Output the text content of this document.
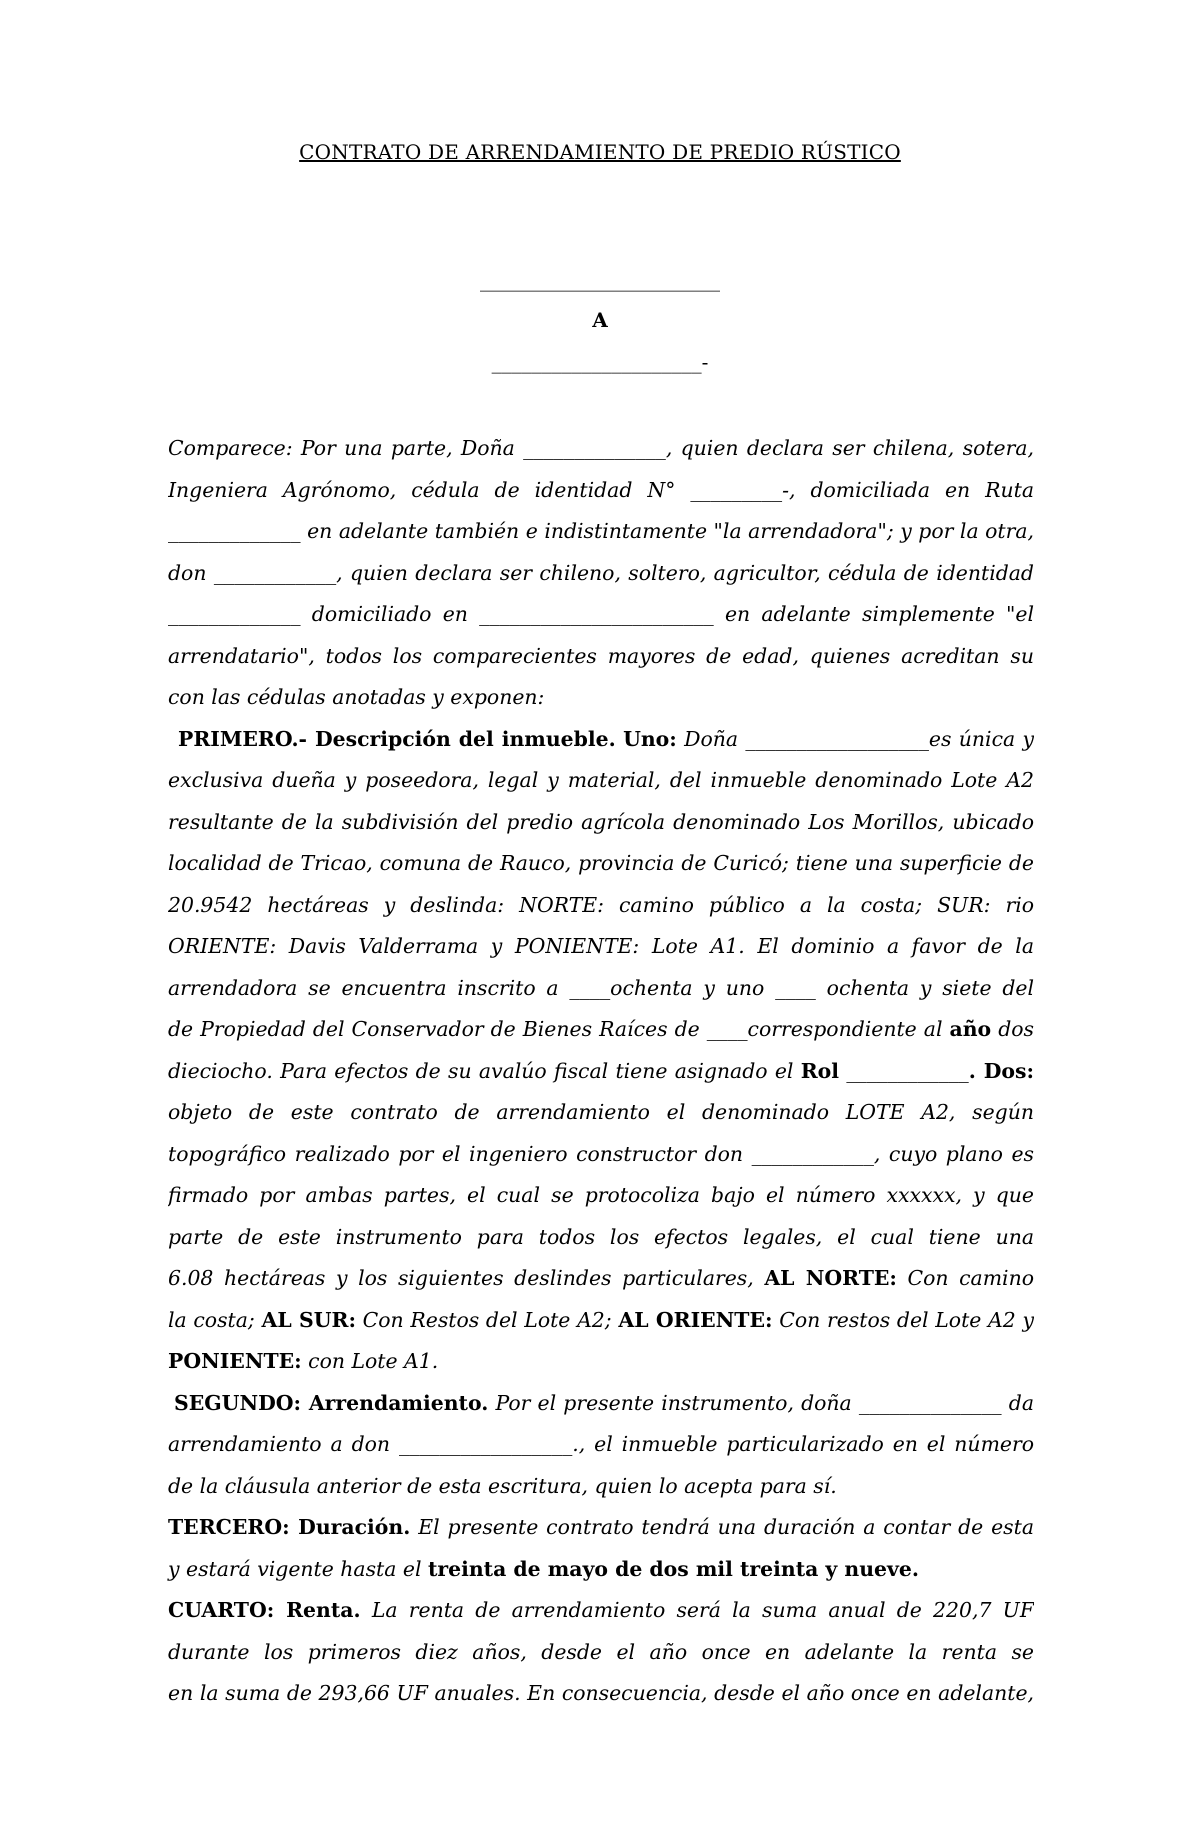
CONTRATO DE ARRENDAMIENTO DE PREDIO RÚSTICO
________________________
A
_____________________-
Comparece: Por una parte, Doña ______________, quien declara ser chilena, sotera,
Ingeniera Agrónomo, cédula de identidad N° _________-, domiciliada en Ruta
_____________ en adelante también e indistintamente "la arrendadora"; y por la otra,
don ____________, quien declara ser chileno, soltero, agricultor, cédula de identidad
_____________ domiciliado en _______________________ en adelante simplemente "el
arrendatario", todos los comparecientes mayores de edad, quienes acreditan su
con las cédulas anotadas y exponen:
PRIMERO.- Descripción del inmueble. Uno: Doña __________________es única y
exclusiva dueña y poseedora, legal y material, del inmueble denominado Lote A2
resultante de la subdivisión del predio agrícola denominado Los Morillos, ubicado
localidad de Tricao, comuna de Rauco, provincia de Curicó; tiene una superficie de
20.9542 hectáreas y deslinda: NORTE: camino público a la costa; SUR: rio
ORIENTE: Davis Valderrama y PONIENTE: Lote A1. El dominio a favor de la
arrendadora se encuentra inscrito a ____ochenta y uno ____ ochenta y siete del
de Propiedad del Conservador de Bienes Raíces de ____correspondiente al año dos
dieciocho. Para efectos de su avalúo fiscal tiene asignado el Rol ____________. Dos:
objeto de este contrato de arrendamiento el denominado LOTE A2, según
topográfico realizado por el ingeniero constructor don ____________, cuyo plano es
firmado por ambas partes, el cual se protocoliza bajo el número xxxxxx, y que
parte de este instrumento para todos los efectos legales, el cual tiene una
6.08 hectáreas y los siguientes deslindes particulares, AL NORTE: Con camino
la costa; AL SUR: Con Restos del Lote A2; AL ORIENTE: Con restos del Lote A2 y
PONIENTE: con Lote A1.
SEGUNDO: Arrendamiento. Por el presente instrumento, doña ______________ da
arrendamiento a don _________________., el inmueble particularizado en el número
de la cláusula anterior de esta escritura, quien lo acepta para sí.
TERCERO: Duración. El presente contrato tendrá una duración a contar de esta
y estará vigente hasta el treinta de mayo de dos mil treinta y nueve.
CUARTO: Renta. La renta de arrendamiento será la suma anual de 220,7 UF
durante los primeros diez años, desde el año once en adelante la renta se
en la suma de 293,66 UF anuales. En consecuencia, desde el año once en adelante,
